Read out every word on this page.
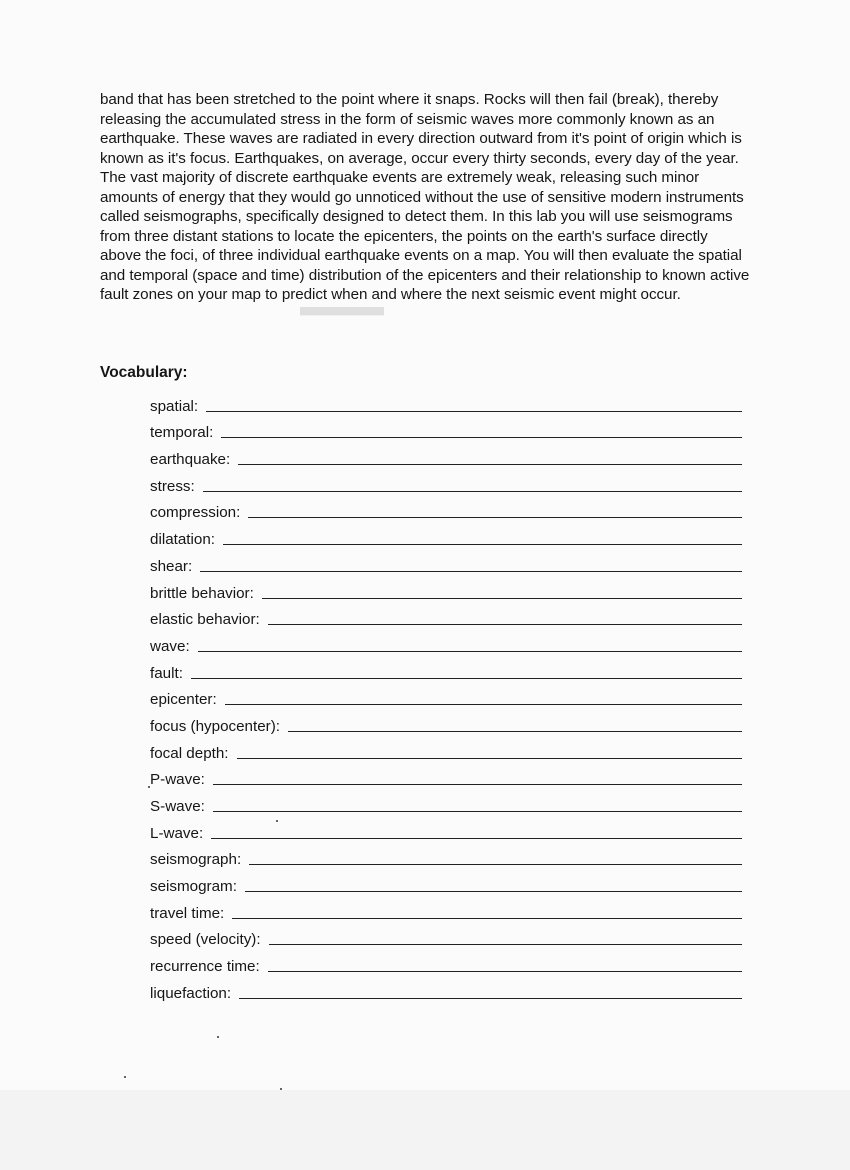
▬▬▬

band that has been stretched to the point where it snaps. Rocks will then fail (break), thereby releasing the accumulated stress in the form of seismic waves more commonly known as an earthquake. These waves are radiated in every direction outward from it's point of origin which is known as it's focus. Earthquakes, on average, occur every thirty seconds, every day of the year. The vast majority of discrete earthquake events are extremely weak, releasing such minor amounts of energy that they would go unnoticed without the use of sensitive modern instruments called seismographs, specifically designed to detect them. In this lab you will use seismograms from three distant stations to locate the epicenters, the points on the earth's surface directly above the foci, of three individual earthquake events on a map. You will then evaluate the spatial and temporal (space and time) distribution of the epicenters and their relationship to known active fault zones on your map to predict when and where the next seismic event might occur.

Vocabulary:

spatial:
temporal:
earthquake:
stress:
compression:
dilatation:
shear:
brittle behavior:
elastic behavior:
wave:
fault:
epicenter:
focus (hypocenter):
focal depth:
P-wave:
S-wave:
L-wave:
seismograph:
seismogram:
travel time:
speed (velocity):
recurrence time:
liquefaction:
